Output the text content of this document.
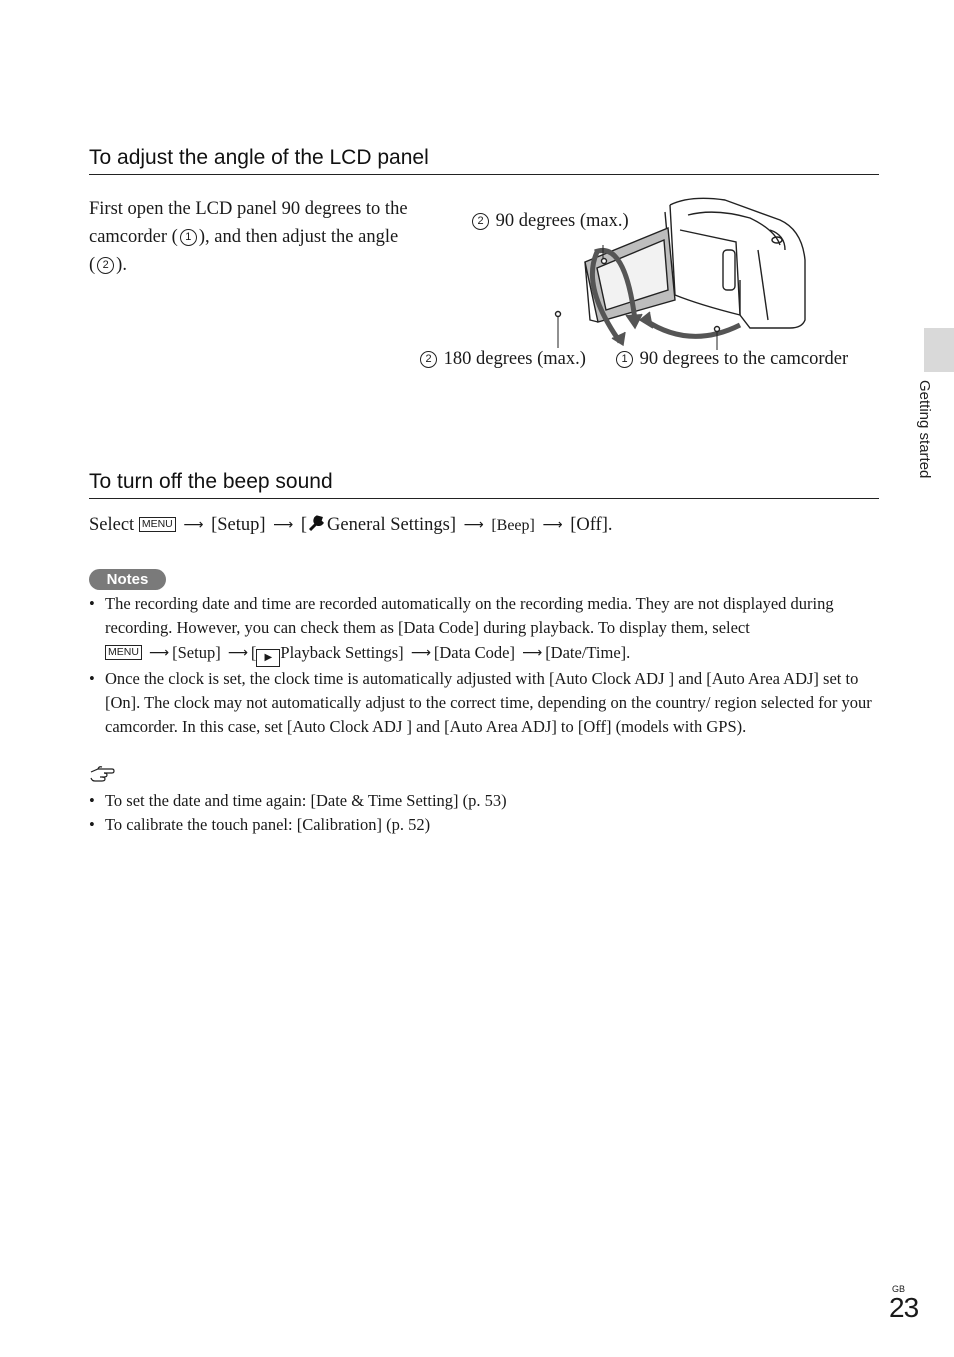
To adjust the angle of the LCD panel
First open the LCD panel 90 degrees to the
camcorder ( 1 ), and then adjust the angle
( 2 ).
2 90 degrees (max.)
2 180 degrees (max.)	1 90 degrees to the camcorder
To turn off the beep sound
Select MENU ⟶ [Setup] ⟶ [ General Settings] ⟶ [Beep] ⟶ [Off].
Notes
• The recording date and time are recorded automatically on the recording media. They are not displayed during recording. However, you can check them as [Data Code] during playback. To display them, select
MENU ⟶ [Setup] ⟶ [ ▶ Playback Settings] ⟶ [Data Code] ⟶ [Date/Time].
• Once the clock is set, the clock time is automatically adjusted with [Auto Clock ADJ ] and [Auto Area ADJ] set to [On]. The clock may not automatically adjust to the correct time, depending on the country/ region selected for your camcorder. In this case, set [Auto Clock ADJ ] and [Auto Area ADJ] to [Off] (models with GPS).
• To set the date and time again: [Date & Time Setting] (p. 53)
• To calibrate the touch panel: [Calibration] (p. 52)
Getting started
GB
23
